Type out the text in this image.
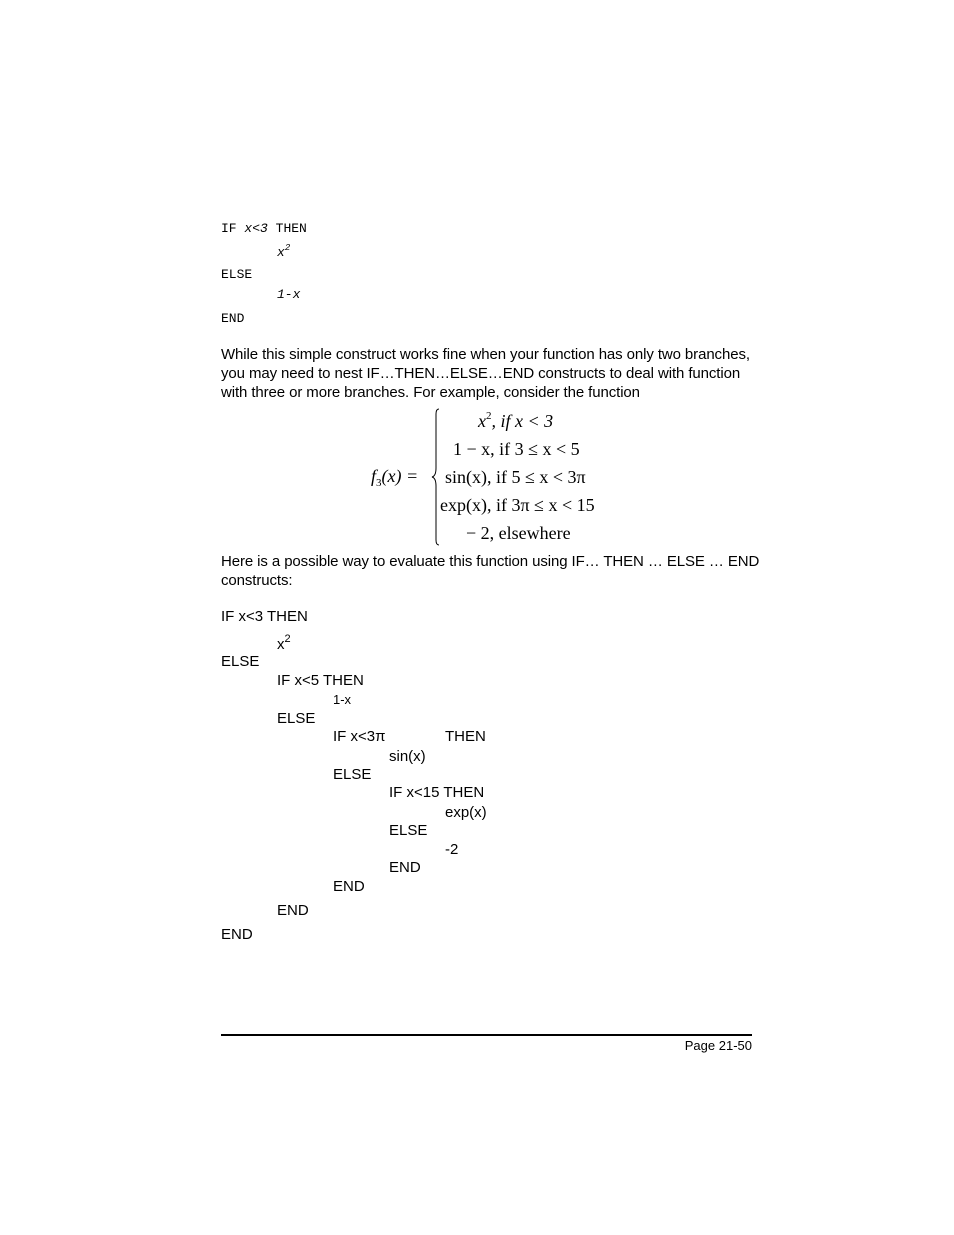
IF x<3 THEN
$x^2$
ELSE
1-x
END
While this simple construct works fine when your function has only two branches, you may need to nest IF…THEN…ELSE…END constructs to deal with function with three or more branches. For example, consider the function
$f_3(x)$ =
$x^2$, if x < 3
1 − x, if 3 ≤ x < 5
sin(x), if 5 ≤ x < 3π
exp(x), if 3π ≤ x < 15
− 2, elsewhere
Here is a possible way to evaluate this function using IF… THEN … ELSE … END constructs:
IF x<3 THEN
$x^2$
ELSE
IF x<5 THEN
1-x
ELSE
IF x<3π	THEN
sin(x)
ELSE
IF x<15 THEN
exp(x)
ELSE
-2
END
END
END
END
Page 21-50
